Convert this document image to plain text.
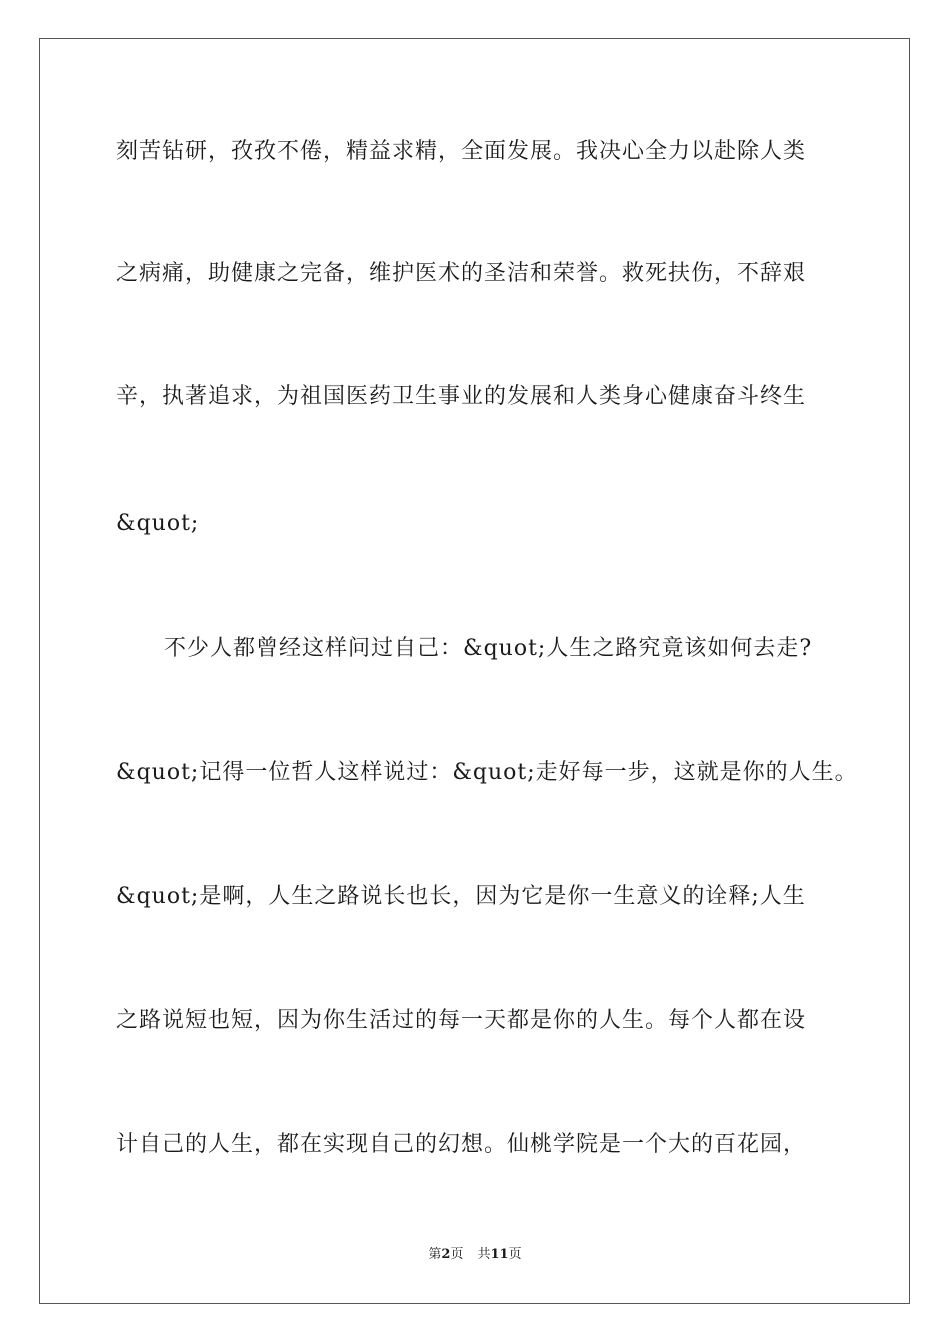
刻苦钻研，孜孜不倦，精益求精，全面发展。我决心全力以赴除人类
之病痛，助健康之完备，维护医术的圣洁和荣誉。救死扶伤，不辞艰
辛，执著追求，为祖国医药卫生事业的发展和人类身心健康奋斗终生
&quot;
不少人都曾经这样问过自己：&quot;人生之路究竟该如何去走?
&quot;记得一位哲人这样说过：&quot;走好每一步，这就是你的人生。
&quot;是啊，人生之路说长也长，因为它是你一生意义的诠释;人生
之路说短也短，因为你生活过的每一天都是你的人生。每个人都在设
计自己的人生，都在实现自己的幻想。仙桃学院是一个大的百花园，
第2页 共11页
